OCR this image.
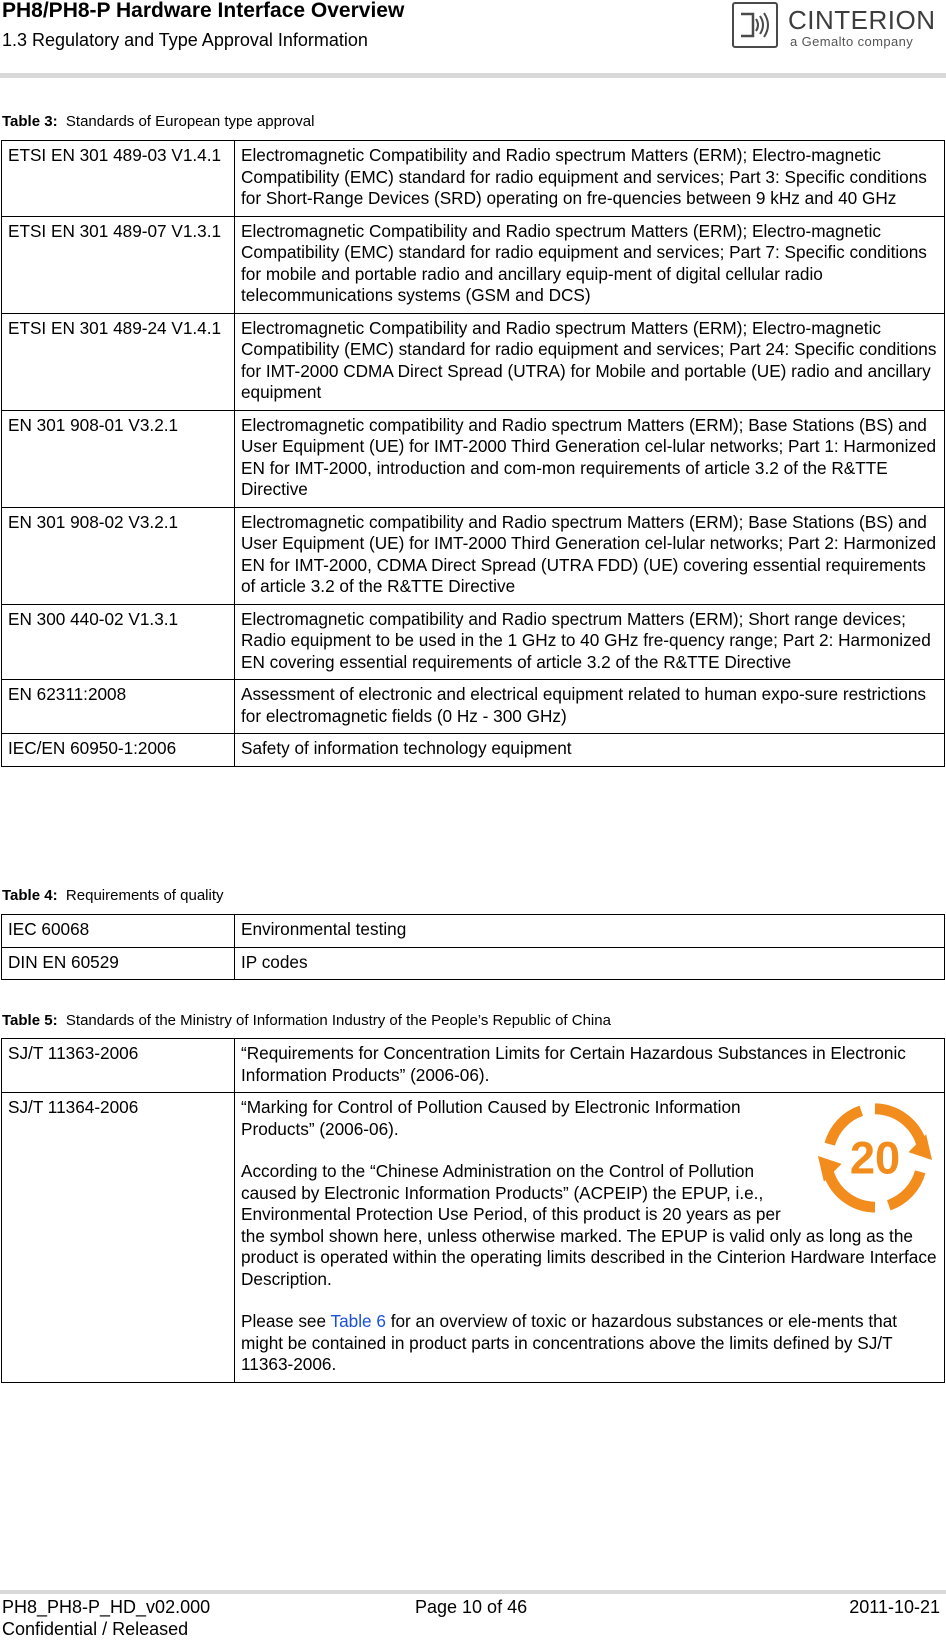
PH8/PH8-P Hardware Interface Overview
1.3 Regulatory and Type Approval Information
CINTERION
a Gemalto company
Table 3: Standards of European type approval
ETSI EN 301 489-03 V1.4.1	Electromagnetic Compatibility and Radio spectrum Matters (ERM); Electro-magnetic Compatibility (EMC) standard for radio equipment and services; Part 3: Specific conditions for Short-Range Devices (SRD) operating on fre-quencies between 9 kHz and 40 GHz
ETSI EN 301 489-07 V1.3.1	Electromagnetic Compatibility and Radio spectrum Matters (ERM); Electro-magnetic Compatibility (EMC) standard for radio equipment and services; Part 7: Specific conditions for mobile and portable radio and ancillary equip-ment of digital cellular radio telecommunications systems (GSM and DCS)
ETSI EN 301 489-24 V1.4.1	Electromagnetic Compatibility and Radio spectrum Matters (ERM); Electro-magnetic Compatibility (EMC) standard for radio equipment and services; Part 24: Specific conditions for IMT-2000 CDMA Direct Spread (UTRA) for Mobile and portable (UE) radio and ancillary equipment
EN 301 908-01 V3.2.1	Electromagnetic compatibility and Radio spectrum Matters (ERM); Base Stations (BS) and User Equipment (UE) for IMT-2000 Third Generation cel-lular networks; Part 1: Harmonized EN for IMT-2000, introduction and com-mon requirements of article 3.2 of the R&TTE Directive
EN 301 908-02 V3.2.1	Electromagnetic compatibility and Radio spectrum Matters (ERM); Base Stations (BS) and User Equipment (UE) for IMT-2000 Third Generation cel-lular networks; Part 2: Harmonized EN for IMT-2000, CDMA Direct Spread (UTRA FDD) (UE) covering essential requirements of article 3.2 of the R&TTE Directive
EN 300 440-02 V1.3.1	Electromagnetic compatibility and Radio spectrum Matters (ERM); Short range devices; Radio equipment to be used in the 1 GHz to 40 GHz fre-quency range; Part 2: Harmonized EN covering essential requirements of article 3.2 of the R&TTE Directive
EN 62311:2008	Assessment of electronic and electrical equipment related to human expo-sure restrictions for electromagnetic fields (0 Hz - 300 GHz)
IEC/EN 60950-1:2006	Safety of information technology equipment
Table 4: Requirements of quality
IEC 60068	Environmental testing
DIN EN 60529	IP codes
Table 5: Standards of the Ministry of Information Industry of the People’s Republic of China
SJ/T 11363-2006	“Requirements for Concentration Limits for Certain Hazardous Substances in Electronic Information Products” (2006-06).
SJ/T 11364-2006	20
“Marking for Control of Pollution Caused by Electronic Information Products” (2006-06).
According to the “Chinese Administration on the Control of Pollution caused by Electronic Information Products” (ACPEIP) the EPUP, i.e., Environmental Protection Use Period, of this product is 20 years as per the symbol shown here, unless otherwise marked. The EPUP is valid only as long as the product is operated within the operating limits described in the Cinterion Hardware Interface Description.
Please see Table 6 for an overview of toxic or hazardous substances or ele-ments that might be contained in product parts in concentrations above the limits defined by SJ/T 11363-2006.
PH8_PH8-P_HD_v02.000	Page 10 of 46	2011-10-21
Confidential / Released
